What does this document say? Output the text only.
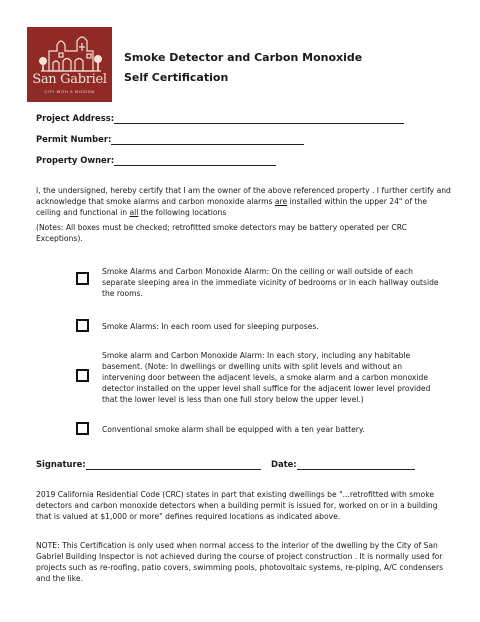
San Gabriel
CITY WITH A MISSION
Smoke Detector and Carbon Monoxide
Self Certification
Project Address:
Permit Number:
Property Owner:
I, the undersigned, hereby certify that I am the owner of the above referenced property . I further certify and acknowledge that smoke alarms and carbon monoxide alarms are installed within the upper 24" of the ceiling and functional in all the following locations
(Notes: All boxes must be checked; retrofitted smoke detectors may be battery operated per CRC Exceptions).
Smoke Alarms and Carbon Monoxide Alarm: On the ceiling or wall outside of each separate sleeping area in the immediate vicinity of bedrooms or in each hallway outside the rooms.
Smoke Alarms: In each room used for sleeping purposes.
Smoke alarm and Carbon Monoxide Alarm: In each story, including any habitable basement. (Note: In dwellings or dwelling units with split levels and without an intervening door between the adjacent levels, a smoke alarm and a carbon monoxide detector installed on the upper level shall suffice for the adjacent lower level provided that the lower level is less than one full story below the upper level.)
Conventional smoke alarm shall be equipped with a ten year battery.
Signature:	Date:
2019 California Residential Code (CRC) states in part that existing dwellings be "...retrofitted with smoke detectors and carbon monoxide detectors when a building permit is issued for, worked on or in a building that is valued at $1,000 or more" defines required locations as indicated above.
NOTE: This Certification is only used when normal access to the interior of the dwelling by the City of San Gabriel Building Inspector is not achieved during the course of project construction . It is normally used for projects such as re-roofing, patio covers, swimming pools, photovoltaic systems, re-piping, A/C condensers and the like.
